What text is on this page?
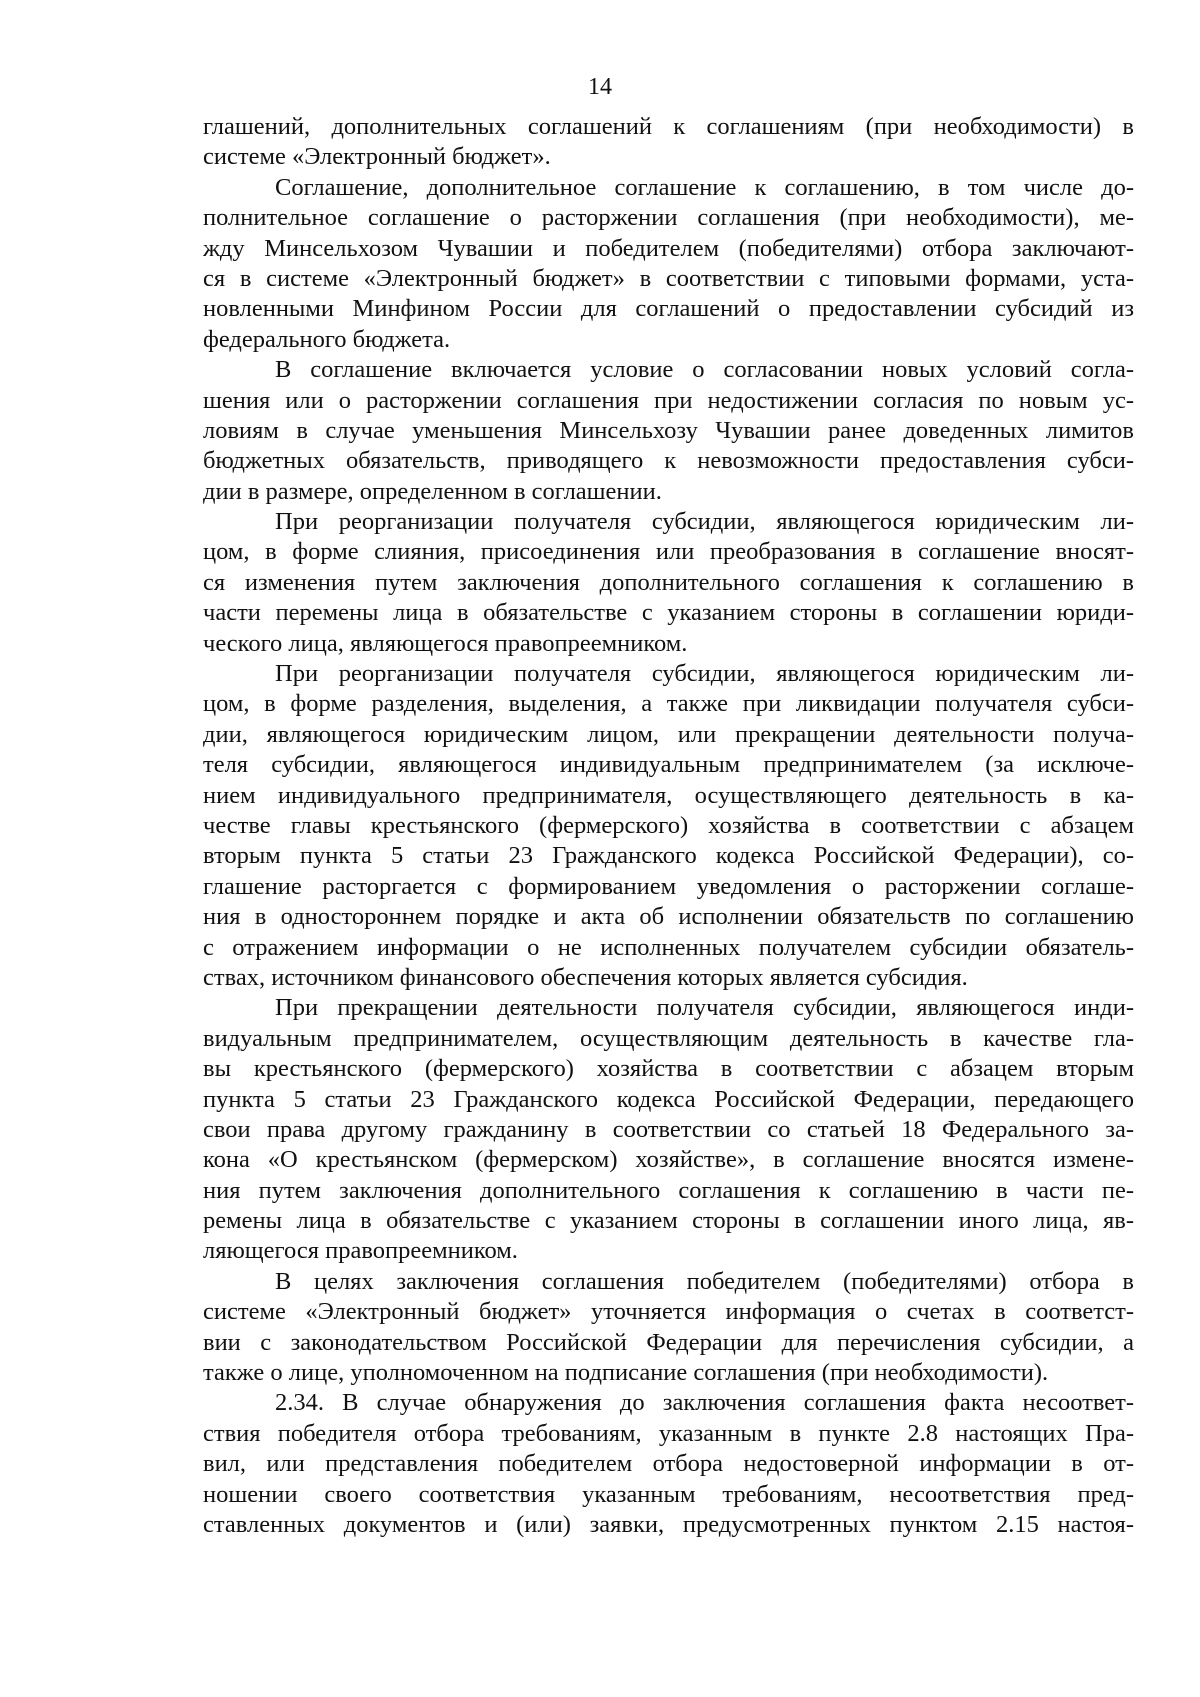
14
глашений, дополнительных соглашений к соглашениям (при необходимости) в
системе «Электронный бюджет».
Соглашение, дополнительное соглашение к соглашению, в том числе до-
полнительное соглашение о расторжении соглашения (при необходимости), ме-
жду Минсельхозом Чувашии и победителем (победителями) отбора заключают-
ся в системе «Электронный бюджет» в соответствии с типовыми формами, уста-
новленными Минфином России для соглашений о предоставлении субсидий из
федерального бюджета.
В соглашение включается условие о согласовании новых условий согла-
шения или о расторжении соглашения при недостижении согласия по новым ус-
ловиям в случае уменьшения Минсельхозу Чувашии ранее доведенных лимитов
бюджетных обязательств, приводящего к невозможности предоставления субси-
дии в размере, определенном в соглашении.
При реорганизации получателя субсидии, являющегося юридическим ли-
цом, в форме слияния, присоединения или преобразования в соглашение вносят-
ся изменения путем заключения дополнительного соглашения к соглашению в
части перемены лица в обязательстве с указанием стороны в соглашении юриди-
ческого лица, являющегося правопреемником.
При реорганизации получателя субсидии, являющегося юридическим ли-
цом, в форме разделения, выделения, а также при ликвидации получателя субси-
дии, являющегося юридическим лицом, или прекращении деятельности получа-
теля субсидии, являющегося индивидуальным предпринимателем (за исключе-
нием индивидуального предпринимателя, осуществляющего деятельность в ка-
честве главы крестьянского (фермерского) хозяйства в соответствии с абзацем
вторым пункта 5 статьи 23 Гражданского кодекса Российской Федерации), со-
глашение расторгается с формированием уведомления о расторжении соглаше-
ния в одностороннем порядке и акта об исполнении обязательств по соглашению
с отражением информации о не исполненных получателем субсидии обязатель-
ствах, источником финансового обеспечения которых является субсидия.
При прекращении деятельности получателя субсидии, являющегося инди-
видуальным предпринимателем, осуществляющим деятельность в качестве гла-
вы крестьянского (фермерского) хозяйства в соответствии с абзацем вторым
пункта 5 статьи 23 Гражданского кодекса Российской Федерации, передающего
свои права другому гражданину в соответствии со статьей 18 Федерального за-
кона «О крестьянском (фермерском) хозяйстве», в соглашение вносятся измене-
ния путем заключения дополнительного соглашения к соглашению в части пе-
ремены лица в обязательстве с указанием стороны в соглашении иного лица, яв-
ляющегося правопреемником.
В целях заключения соглашения победителем (победителями) отбора в
системе «Электронный бюджет» уточняется информация о счетах в соответст-
вии с законодательством Российской Федерации для перечисления субсидии, а
также о лице, уполномоченном на подписание соглашения (при необходимости).
2.34. В случае обнаружения до заключения соглашения факта несоответ-
ствия победителя отбора требованиям, указанным в пункте 2.8 настоящих Пра-
вил, или представления победителем отбора недостоверной информации в от-
ношении своего соответствия указанным требованиям, несоответствия пред-
ставленных документов и (или) заявки, предусмотренных пунктом 2.15 настоя-
